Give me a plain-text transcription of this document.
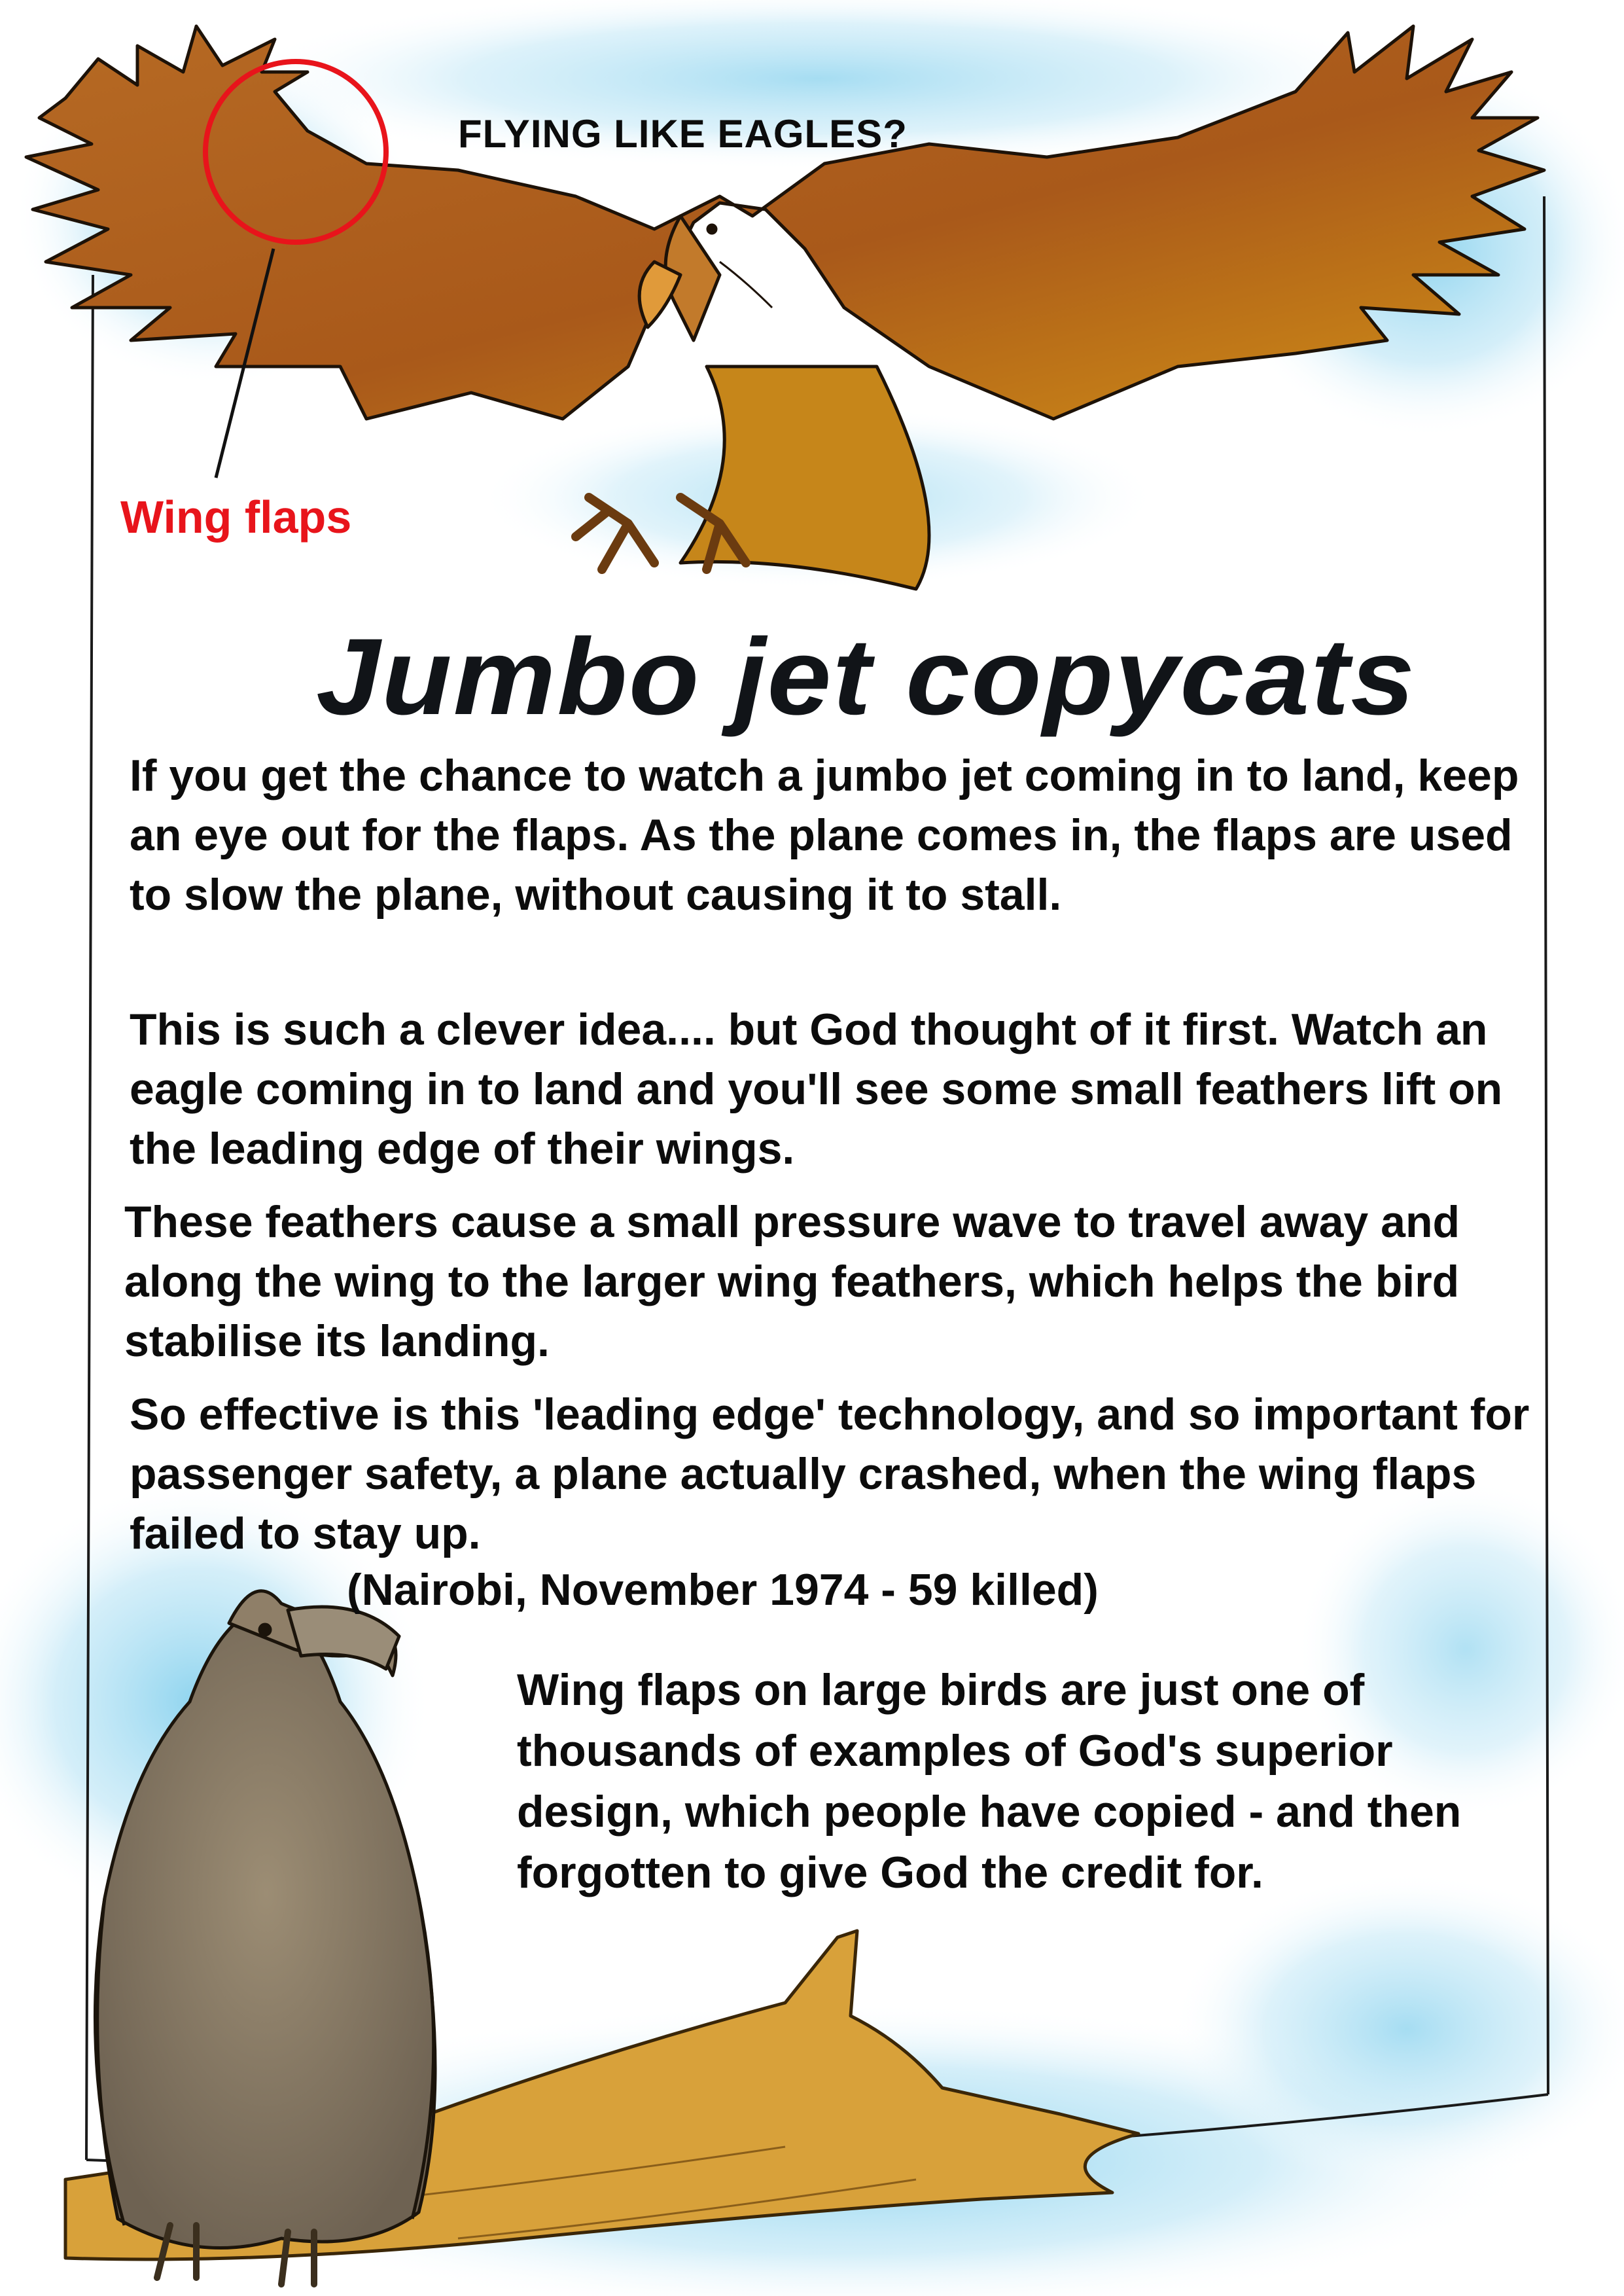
FLYING LIKE EAGLES?

Wing flaps

Jumbo jet copycats

If you get the chance to watch a jumbo jet coming in to land, keep an eye out for the flaps. As the plane comes in, the flaps are used to slow the plane, without causing it to stall.

This is such a clever idea.... but God thought of it first. Watch an eagle coming in to land and you'll see some small feathers lift on the leading edge of their wings.

These feathers cause a small pressure wave to travel away and along the wing to the larger wing feathers, which helps the bird stabilise its landing.

So effective is this 'leading edge' technology, and so important for passenger safety, a plane actually crashed, when the wing flaps failed to stay up.

(Nairobi, November 1974 - 59 killed)

Wing flaps on large birds are just one of thousands of examples of God's superior design, which people have copied - and then forgotten to give God the credit for.
